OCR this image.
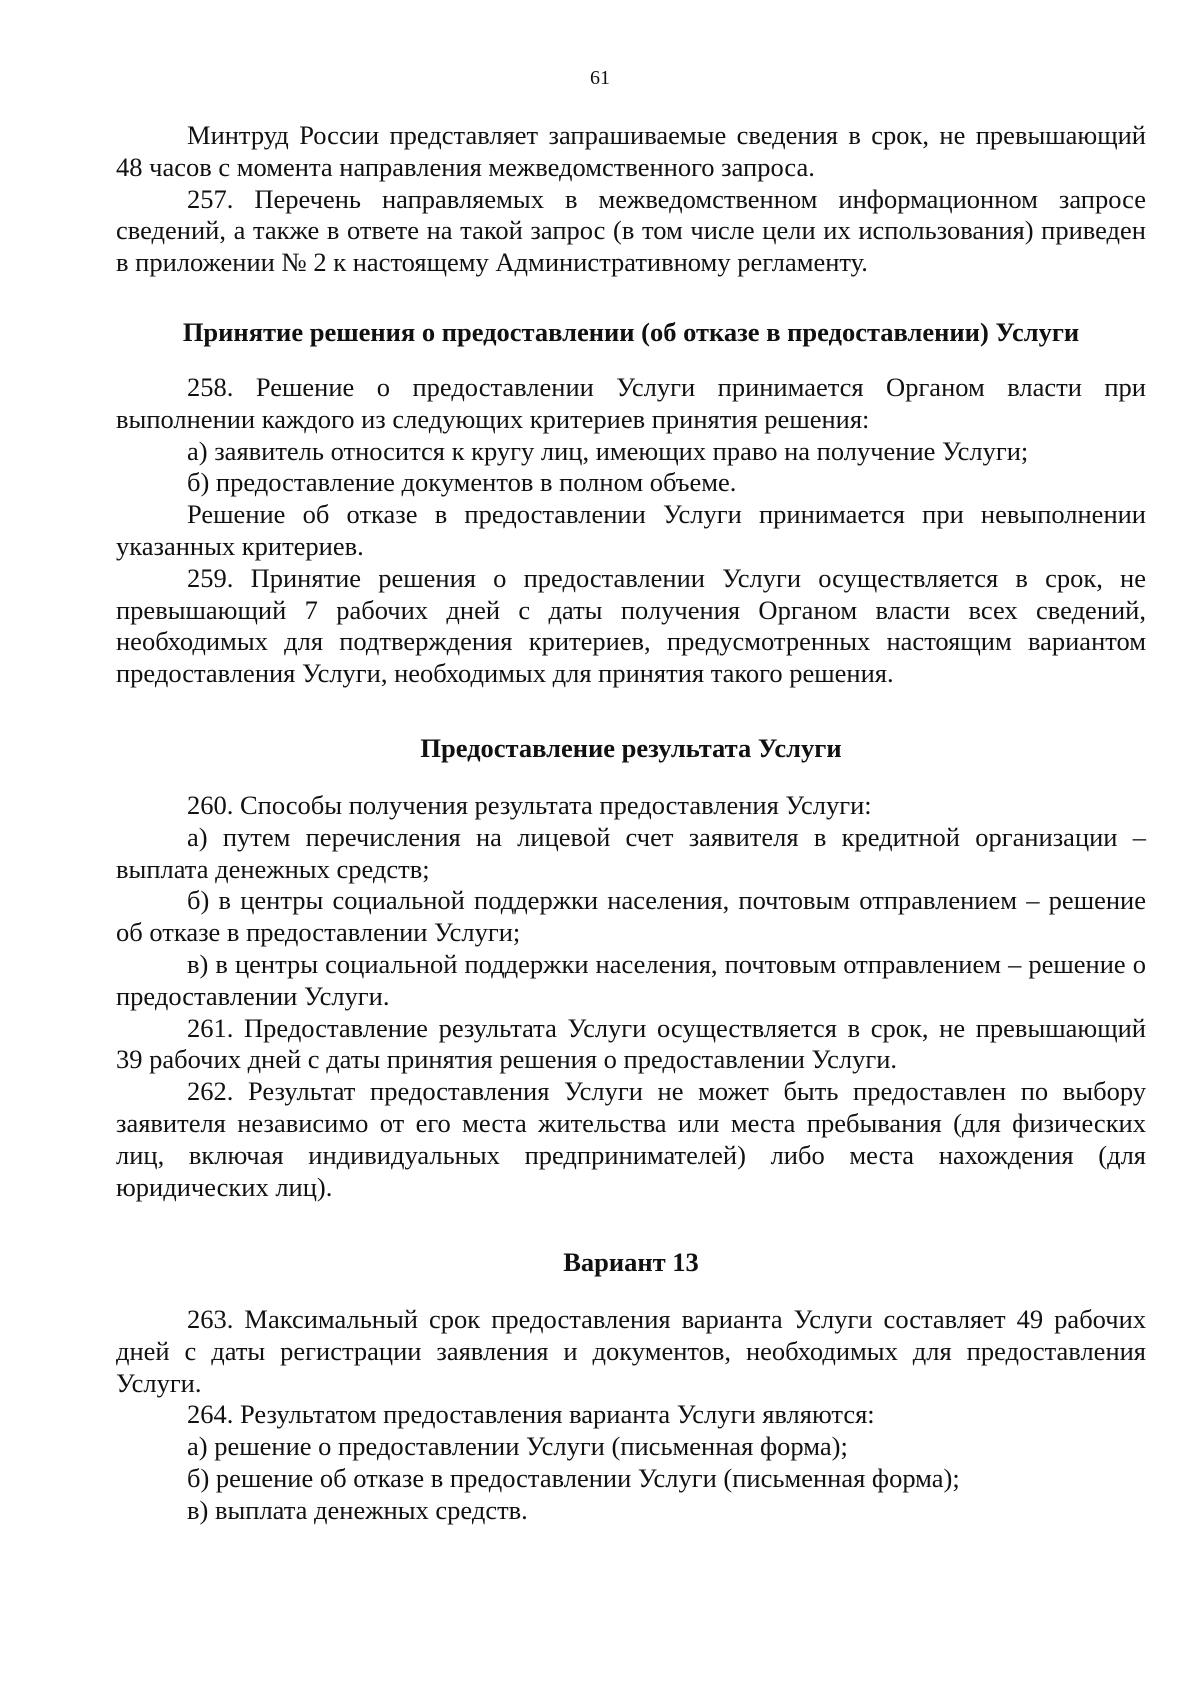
61

Минтруд России представляет запрашиваемые сведения в срок, не превышающий 48 часов с момента направления межведомственного запроса.

257. Перечень направляемых в межведомственном информационном запросе сведений, а также в ответе на такой запрос (в том числе цели их использования) приведен в приложении № 2 к настоящему Административному регламенту.

Принятие решения о предоставлении (об отказе в предоставлении) Услуги

258. Решение о предоставлении Услуги принимается Органом власти при выполнении каждого из следующих критериев принятия решения:

а) заявитель относится к кругу лиц, имеющих право на получение Услуги;

б) предоставление документов в полном объеме.

Решение об отказе в предоставлении Услуги принимается при невыполнении указанных критериев.

259. Принятие решения о предоставлении Услуги осуществляется в срок, не превышающий 7 рабочих дней с даты получения Органом власти всех сведений, необходимых для подтверждения критериев, предусмотренных настоящим вариантом предоставления Услуги, необходимых для принятия такого решения.

Предоставление результата Услуги

260. Способы получения результата предоставления Услуги:

а) путем перечисления на лицевой счет заявителя в кредитной организации – выплата денежных средств;

б) в центры социальной поддержки населения, почтовым отправлением – решение об отказе в предоставлении Услуги;

в) в центры социальной поддержки населения, почтовым отправлением – решение о предоставлении Услуги.

261. Предоставление результата Услуги осуществляется в срок, не превышающий 39 рабочих дней с даты принятия решения о предоставлении Услуги.

262. Результат предоставления Услуги не может быть предоставлен по выбору заявителя независимо от его места жительства или места пребывания (для физических лиц, включая индивидуальных предпринимателей) либо места нахождения (для юридических лиц).

Вариант 13

263. Максимальный срок предоставления варианта Услуги составляет 49 рабочих дней с даты регистрации заявления и документов, необходимых для предоставления Услуги.

264. Результатом предоставления варианта Услуги являются:

а) решение о предоставлении Услуги (письменная форма);

б) решение об отказе в предоставлении Услуги (письменная форма);

в) выплата денежных средств.
